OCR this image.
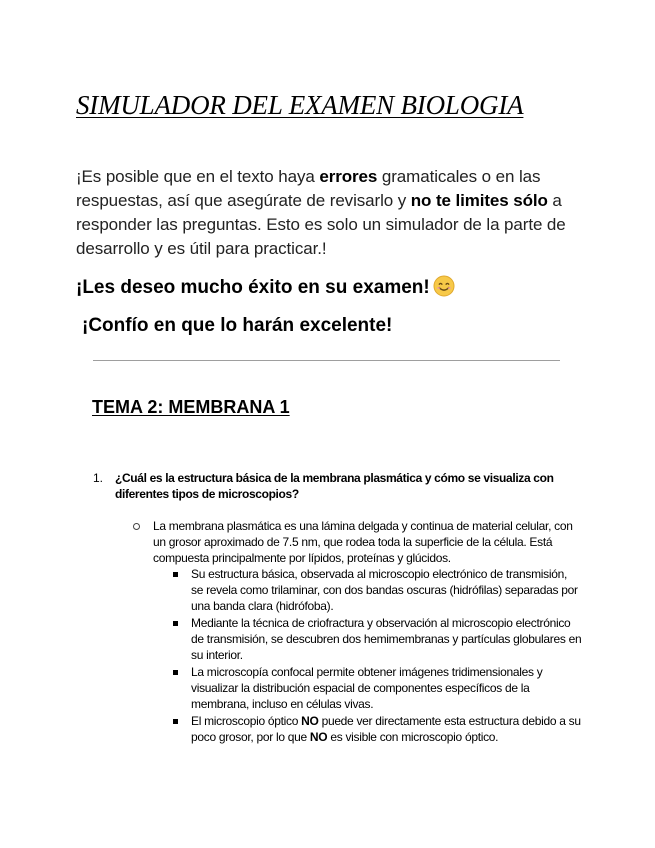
SIMULADOR DEL EXAMEN BIOLOGIA
¡Es posible que en el texto haya errores gramaticales o en las respuestas, así que asegúrate de revisarlo y no te limites sólo a responder las preguntas. Esto es solo un simulador de la parte de desarrollo y es útil para practicar.!
¡Les deseo mucho éxito en su examen!
¡Confío en que lo harán excelente!
TEMA 2: MEMBRANA 1
1. ¿Cuál es la estructura básica de la membrana plasmática y cómo se visualiza con diferentes tipos de microscopios?
La membrana plasmática es una lámina delgada y continua de material celular, con un grosor aproximado de 7.5 nm, que rodea toda la superficie de la célula. Está compuesta principalmente por lípidos, proteínas y glúcidos.
Su estructura básica, observada al microscopio electrónico de transmisión, se revela como trilaminar, con dos bandas oscuras (hidrófilas) separadas por una banda clara (hidrófoba).
Mediante la técnica de criofractura y observación al microscopio electrónico de transmisión, se descubren dos hemimembranas y partículas globulares en su interior.
La microscopía confocal permite obtener imágenes tridimensionales y visualizar la distribución espacial de componentes específicos de la membrana, incluso en células vivas.
El microscopio óptico NO puede ver directamente esta estructura debido a su poco grosor, por lo que NO es visible con microscopio óptico.
